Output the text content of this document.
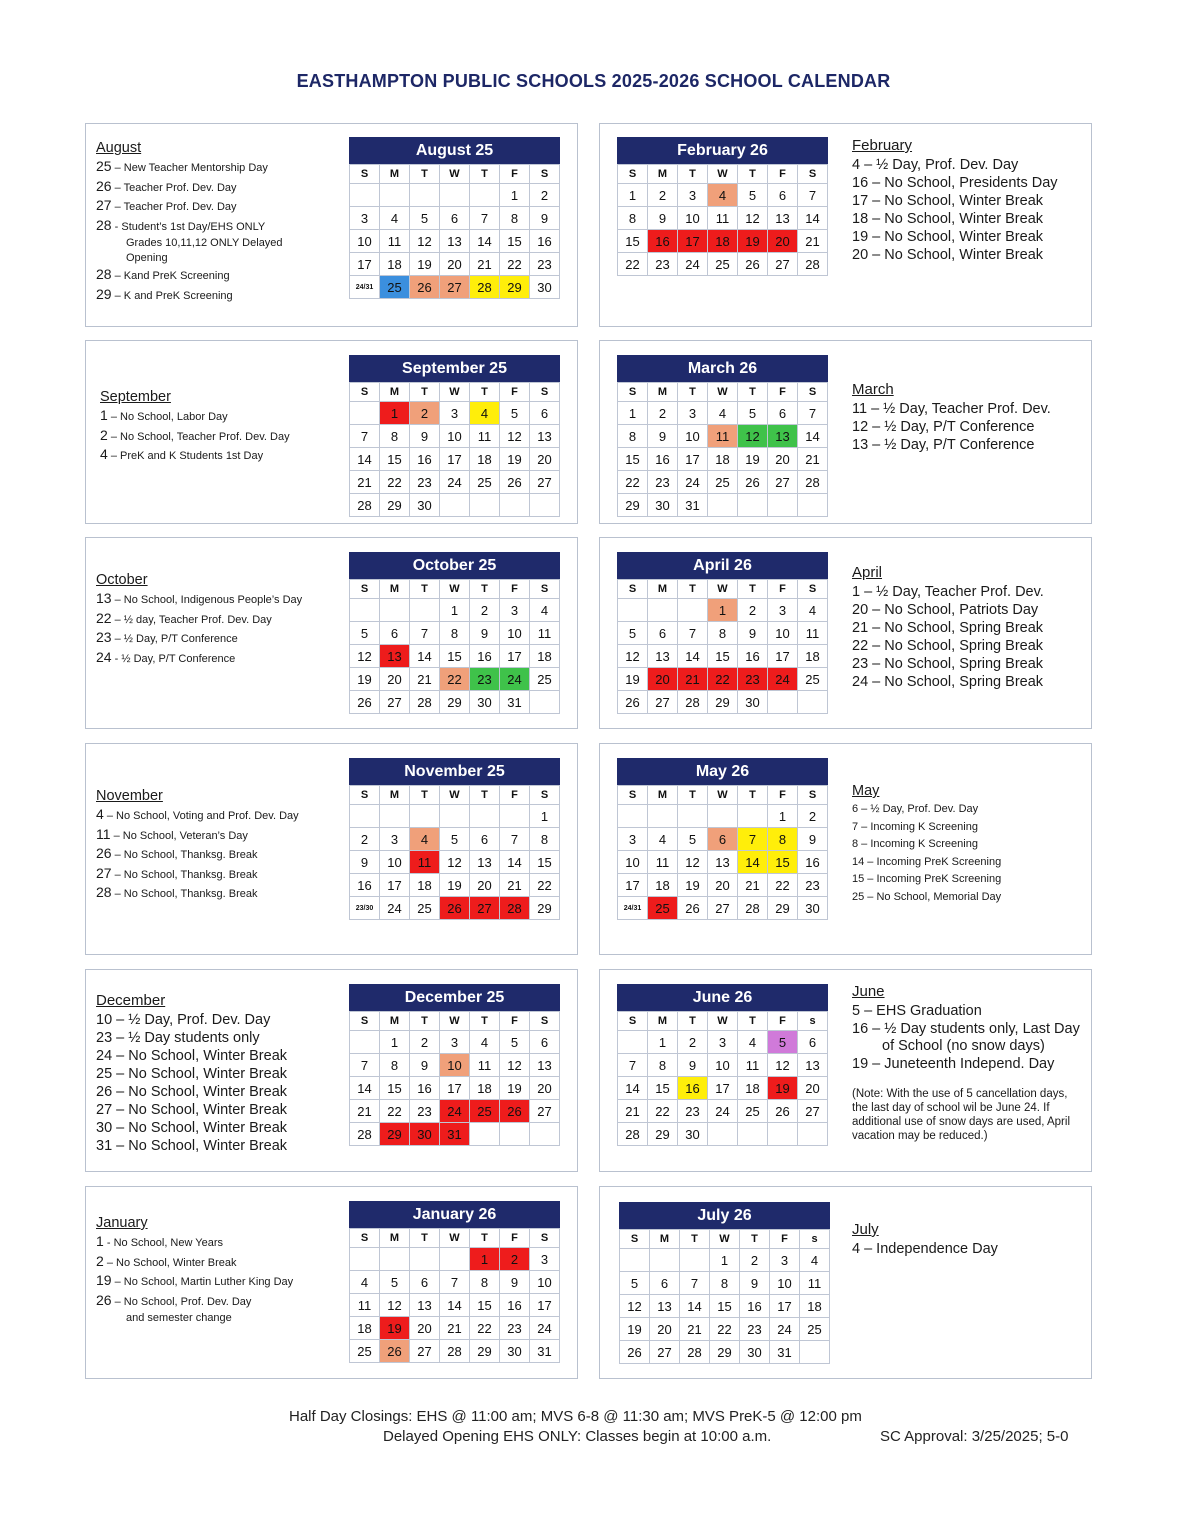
EASTHAMPTON PUBLIC SCHOOLS 2025-2026 SCHOOL CALENDAR
August
25 – New Teacher Mentorship Day
26 – Teacher Prof. Dev. Day
27 – Teacher Prof. Dev. Day
28 - Student’s 1st Day/EHS ONLY
Grades 10,11,12 ONLY Delayed
Opening
28 – Kand PreK Screening
29 – K and PreK Screening
August 25
S	M	T	W	T	F	S
					1	2
3	4	5	6	7	8	9
10	11	12	13	14	15	16
17	18	19	20	21	22	23
24/31	25	26	27	28	29	30
February 26
S	M	T	W	T	F	S
1	2	3	4	5	6	7
8	9	10	11	12	13	14
15	16	17	18	19	20	21
22	23	24	25	26	27	28
February
4 – ½ Day, Prof. Dev. Day
16 – No School, Presidents Day
17 – No School, Winter Break
18 – No School, Winter Break
19 – No School, Winter Break
20 – No School, Winter Break
September
1 – No School, Labor Day
2 – No School, Teacher Prof. Dev. Day
4 – PreK and K Students 1st Day
September 25
S	M	T	W	T	F	S
	1	2	3	4	5	6
7	8	9	10	11	12	13
14	15	16	17	18	19	20
21	22	23	24	25	26	27
28	29	30				
March 26
S	M	T	W	T	F	S
1	2	3	4	5	6	7
8	9	10	11	12	13	14
15	16	17	18	19	20	21
22	23	24	25	26	27	28
29	30	31				
March
11 – ½ Day, Teacher Prof. Dev.
12 – ½ Day, P/T Conference
13 – ½ Day, P/T Conference
October
13 – No School, Indigenous People’s Day
22 – ½ day, Teacher Prof. Dev. Day
23 – ½ Day, P/T Conference
24 - ½ Day, P/T Conference
October 25
S	M	T	W	T	F	S
			1	2	3	4
5	6	7	8	9	10	11
12	13	14	15	16	17	18
19	20	21	22	23	24	25
26	27	28	29	30	31	
April 26
S	M	T	W	T	F	S
			1	2	3	4
5	6	7	8	9	10	11
12	13	14	15	16	17	18
19	20	21	22	23	24	25
26	27	28	29	30		
April
1 – ½ Day, Teacher Prof. Dev.
20 – No School, Patriots Day
21 – No School, Spring Break
22 – No School, Spring Break
23 – No School, Spring Break
24 – No School, Spring Break
November
4 – No School, Voting and Prof. Dev. Day
11 – No School, Veteran’s Day
26 – No School, Thanksg. Break
27 – No School, Thanksg. Break
28 – No School, Thanksg. Break
November 25
S	M	T	W	T	F	S
						1
2	3	4	5	6	7	8
9	10	11	12	13	14	15
16	17	18	19	20	21	22
23/30	24	25	26	27	28	29
May 26
S	M	T	W	T	F	S
					1	2
3	4	5	6	7	8	9
10	11	12	13	14	15	16
17	18	19	20	21	22	23
24/31	25	26	27	28	29	30
May
6 – ½ Day, Prof. Dev. Day
7 – Incoming K Screening
8 – Incoming K Screening
14 – Incoming PreK Screening
15 – Incoming PreK Screening
25 – No School, Memorial Day
December
10 – ½ Day, Prof. Dev. Day
23 – ½ Day students only
24 – No School, Winter Break
25 – No School, Winter Break
26 – No School, Winter Break
27 – No School, Winter Break
30 – No School, Winter Break
31 – No School, Winter Break
December 25
S	M	T	W	T	F	S
	1	2	3	4	5	6
7	8	9	10	11	12	13
14	15	16	17	18	19	20
21	22	23	24	25	26	27
28	29	30	31			
June 26
S	M	T	W	T	F	s
	1	2	3	4	5	6
7	8	9	10	11	12	13
14	15	16	17	18	19	20
21	22	23	24	25	26	27
28	29	30				
June
5 – EHS Graduation
16 – ½ Day students only, Last Day
of School (no snow days)
19 – Juneteenth Independ. Day
(Note: With the use of 5 cancellation days, the last day of school wil be June 24. If additional use of snow days are used, April vacation may be reduced.)
January
1 - No School, New Years
2 – No School, Winter Break
19 – No School, Martin Luther King Day
26 – No School, Prof. Dev. Day
and semester change
January 26
S	M	T	W	T	F	S
				1	2	3
4	5	6	7	8	9	10
11	12	13	14	15	16	17
18	19	20	21	22	23	24
25	26	27	28	29	30	31
July 26
S	M	T	W	T	F	s
			1	2	3	4
5	6	7	8	9	10	11
12	13	14	15	16	17	18
19	20	21	22	23	24	25
26	27	28	29	30	31	
July
4 – Independence Day
Half Day Closings: EHS @ 11:00 am; MVS 6-8 @ 11:30 am; MVS PreK-5 @ 12:00 pm
Delayed Opening EHS ONLY: Classes begin at 10:00 a.m.	SC Approval: 3/25/2025; 5-0
